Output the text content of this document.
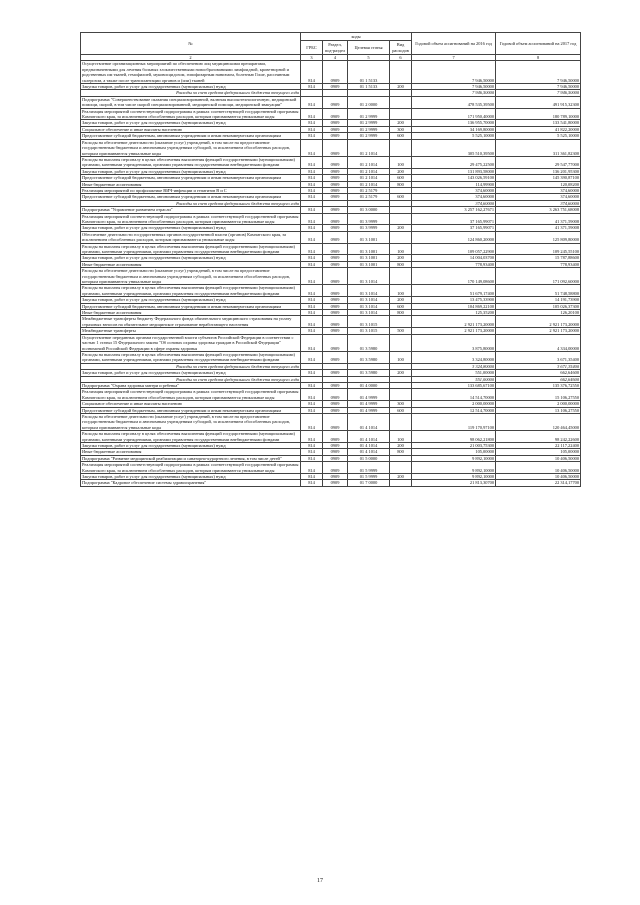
№	коды				Годовой объем ассигнований на 2016 год	Годовой объем ассигнований на 2017 год
	ГРБС	Раздел, под-раздел	Целевая статья	Вид расходов		
2	3	4	5	6	7	8
Осуществление организационных мероприятий по обеспечению лиц медицинскими препаратами, предназначенными для лечения больных злокачественными новообразованиями лимфоидной, кроветворной и родственных им тканей, гемофилией, муковисцидозом, гипофизарным нанизмом, болезнью Гоше, рассеянным склерозом, а также после трансплантации органов и (или) тканей	814	0909	01 1 5133		7 946,50000	7 946,50000
Закупка товаров, работ и услуг для государственных (муниципальных) нужд	814	0909	01 1 5133	200	7 946,50000	7 946,50000
Расходы за счет средств федерального бюджета текущего года					7 946,50000	7 946,50000
Подпрограмма "Совершенствование оказания специализированной, включая высокотехнологичную, медицинской помощи, скорой, в том числе скорой специализированной, медицинской помощи, медицинской эвакуации"	814	0909	01 2 0000		478 535,39500	491 915,32300
Реализация мероприятий соответствующей подпрограммы в рамках соответствующей государственной программы Камчатского края, за исключением обособленных расходов, которым присваиваются уникальные коды	814	0909	01 2 9999		171 950,40000	180 789,10000
Закупка товаров, работ и услуг для государственных (муниципальных) нужд	814	0909	01 2 9999	200	136 955,70000	133 541,80000
Социальное обеспечение и иные выплаты населению	814	0909	01 2 9999	300	34 169,80000	41 822,20000
Предоставление субсидий бюджетным, автономным учреждениям и иным некоммерческим организациям	814	0909	01 2 9999	600	5 525,10000	5 525,10000
Расходы на обеспечение деятельности (оказание услуг) учреждений, в том числе на предоставление государственным бюджетным и автономным учреждениям субсидий, за исключением обособленных расходов, которым присваиваются уникальные коды	814	0909	01 2 1014		305 510,39500	311 361,82300
Расходы на выплаты персоналу в целях обеспечения выполнения функций государственными (муниципальными) органами, казенными учреждениями, органами управления государственными внебюджетными фондами	814	0909	01 2 1014	100	29 475,22500	29 547,77000
Закупка товаров, работ и услуг для государственных (муниципальных) нужд	814	0909	01 2 1014	200	131 893,58000	136 201,95300
Предоставление субсидий бюджетным, автономным учреждениям и иным некоммерческим организациям	814	0909	01 2 1014	600	143 026,59100	145 390,87100
Иные бюджетные ассигнования	814	0909	01 2 1014	800	114,99900	120,08200
Реализация мероприятий по профилактике ВИЧ-инфекции и гепатитов В и С	814	0909	01 2 5179		374,60000	374,60000
Предоставление субсидий бюджетным, автономным учреждениям и иным некоммерческим организациям	814	0909	01 2 5179	600	374,60000	374,60000
Расходы за счет средств федерального бюджета текущего года					374,60000	374,60000
Подпрограмма "Управление развитием отрасли"	814	0909	01 3 0000		3 257 162,27671	3 263 751,68008
Реализация мероприятий соответствующей подпрограммы в рамках соответствующей государственной программы Камчатского края, за исключением обособленных расходов, которым присваиваются уникальные коды	814	0909	01 3 9999		37 165,99071	41 371,59008
Закупка товаров, работ и услуг для государственных (муниципальных) нужд	814	0909	01 3 9999	200	37 165,99071	41 371,59008
Обеспечение деятельности государственных органов государственной власти (органов) Камчатского края, за исключением обособленных расходов, которым присваиваются уникальные коды	814	0909	01 3 1001		124 860,20000	125 809,80000
Расходы на выплаты персоналу в целях обеспечения выполнения функций государственными (муниципальными) органами, казенными учреждениями, органами управления государственными внебюджетными фондами	814	0909	01 3 1001	100	109 057,22900	109 245,55100
Закупка товаров, работ и услуг для государственных (муниципальных) нужд	814	0909	01 3 1001	200	14 004,03700	15 787,88600
Иные бюджетные ассигнования	814	0909	01 3 1001	800	778,93400	778,93400
Расходы на обеспечение деятельности (оказание услуг) учреждений, в том числе на предоставление государственным бюджетным и автономным учреждениям субсидий, за исключением обособленных расходов, которым присваиваются уникальные коды	814	0909	01 3 1014		170 149,08600	171 092,60000
Расходы на выплаты персоналу в целях обеспечения выполнения функций государственными (муниципальными) органами, казенными учреждениями, органами управления государственными внебюджетными фондами	814	0909	01 3 1014	100	51 679,17400	51 748,58800
Закупка товаров, работ и услуг для государственных (муниципальных) нужд	814	0909	01 3 1014	200	13 475,33900	14 191,73900
Предоставление субсидий бюджетным, автономным учреждениям и иным некоммерческим организациям	814	0909	01 3 1014	600	104 869,22100	105 026,37300
Иные бюджетные ассигнования	814	0909	01 3 1014	800	125,35200	126,20100
Межбюджетные трансферты бюджету Федерального фонда обязательного медицинского страхования на уплату страховых взносов на обязательное медицинское страхование неработающего населения	814	0909	01 3 1015		2 921 173,20000	2 921 173,20000
Межбюджетные трансферты	814	0909	01 3 1015	500	2 921 173,20000	2 921 173,20000
Осуществление переданных органам государственной власти субъектов Российской Федерации в соответствии с частью 1 статьи 15 Федерального закона "Об основах охраны здоровья граждан в Российской Федерации" полномочий Российской Федерации в сфере охраны здоровья	814	0909	01 3 5980		3 875,80000	4 334,00000
Расходы на выплаты персоналу в целях обеспечения выполнения функций государственными (муниципальными) органами, казенными учреждениями, органами управления государственными внебюджетными фондами	814	0909	01 3 5980	100	3 324,80000	3 671,35400
Расходы за счет средств федерального бюджета текущего года					3 324,80000	3 671,35400
Закупка товаров, работ и услуг для государственных (муниципальных) нужд	814	0909	01 3 5980	200	551,00000	662,64600
Расходы за счет средств федерального бюджета текущего года					551,00000	662,64600
Подпрограмма "Охрана здоровья матери и ребенка"	814	0909	01 4 0000		133 685,67100	135 376,72550
Реализация мероприятий соответствующей подпрограммы в рамках соответствующей государственной программы Камчатского края, за исключением обособленных расходов, которым присваиваются уникальные коды	814	0909	01 4 9999		14 514,70000	15 106,27550
Социальное обеспечение и иные выплаты населению	814	0909	01 4 9999	300	2 000,00000	2 000,00000
Предоставление субсидий бюджетным, автономным учреждениям и иным некоммерческим организациям	814	0909	01 4 9999	600	12 514,70000	13 106,27550
Расходы на обеспечение деятельности (оказание услуг) учреждений, в том числе на предоставление государственным бюджетным и автономным учреждениям субсидий, за исключением обособленных расходов, которым присваиваются уникальные коды	814	0909	01 4 1014		119 170,97100	120 464,45000
Расходы на выплаты персоналу в целях обеспечения выполнения функций государственными (муниципальными) органами, казенными учреждениями, органами управления государственными внебюджетными фондами	814	0909	01 4 1014	100	98 062,21800	98 242,22600
Закупка товаров, работ и услуг для государственных (муниципальных) нужд	814	0909	01 4 1014	200	21 003,75300	22 117,22400
Иные бюджетные ассигнования	814	0909	01 4 1014	800	105,00000	105,00000
Подпрограмма "Развитие медицинской реабилитации и санаторно-курортного лечения, в том числе детей"	814	0909	01 5 0000		9 892,10000	10 406,50000
Реализация мероприятий соответствующей подпрограммы в рамках соответствующей государственной программы Камчатского края, за исключением обособленных расходов, которым присваиваются уникальные коды	814	0909	01 5 9999		9 892,10000	10 406,50000
Закупка товаров, работ и услуг для государственных (муниципальных) нужд	814	0909	01 5 9999	200	9 892,10000	10 406,50000
Подпрограмма "Кадровое обеспечение системы здравоохранения"	814	0909	01 7 0000		21 813,30700	22 314,17700
17
